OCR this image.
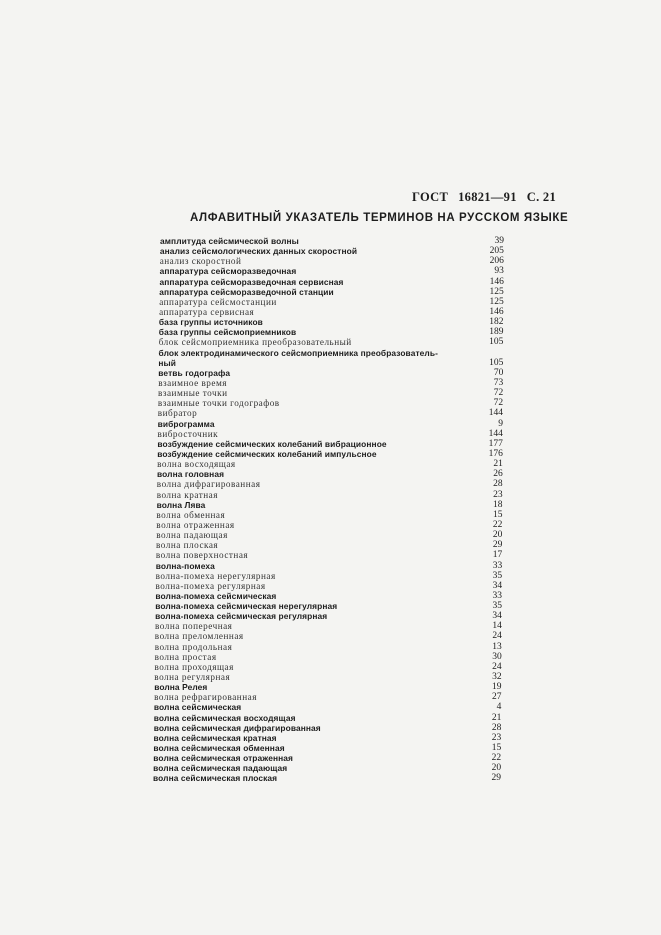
ГОСТ 16821—91 С. 21
АЛФАВИТНЫЙ УКАЗАТЕЛЬ ТЕРМИНОВ НА РУССКОМ ЯЗЫКЕ
амплитуда сейсмической волны	39
анализ сейсмологических данных скоростной	205
анализ скоростной	206
аппаратура сейсморазведочная	93
аппаратура сейсморазведочная сервисная	146
аппаратура сейсморазведочной станции	125
аппаратура сейсмостанции	125
аппаратура сервисная	146
база группы источников	182
база группы сейсмоприемников	189
блок сейсмоприемника преобразовательный	105
блок электродинамического сейсмоприемника преобразователь-
ный	105
ветвь годографа	70
взаимное время	73
взаимные точки	72
взаимные точки годографов	72
вибратор	144
виброграмма	9
вибросточник	144
возбуждение сейсмических колебаний вибрационное	177
возбуждение сейсмических колебаний импульсное	176
волна восходящая	21
волна головная	26
волна дифрагированная	28
волна кратная	23
волна Лява	18
волна обменная	15
волна отраженная	22
волна падающая	20
волна плоская	29
волна поверхностная	17
волна-помеха	33
волна-помеха нерегулярная	35
волна-помеха регулярная	34
волна-помеха сейсмическая	33
волна-помеха сейсмическая нерегулярная	35
волна-помеха сейсмическая регулярная	34
волна поперечная	14
волна преломленная	24
волна продольная	13
волна простая	30
волна проходящая	24
волна регулярная	32
волна Релея	19
волна рефрагированная	27
волна сейсмическая	4
волна сейсмическая восходящая	21
волна сейсмическая дифрагированная	28
волна сейсмическая кратная	23
волна сейсмическая обменная	15
волна сейсмическая отраженная	22
волна сейсмическая падающая	20
волна сейсмическая плоская	29
